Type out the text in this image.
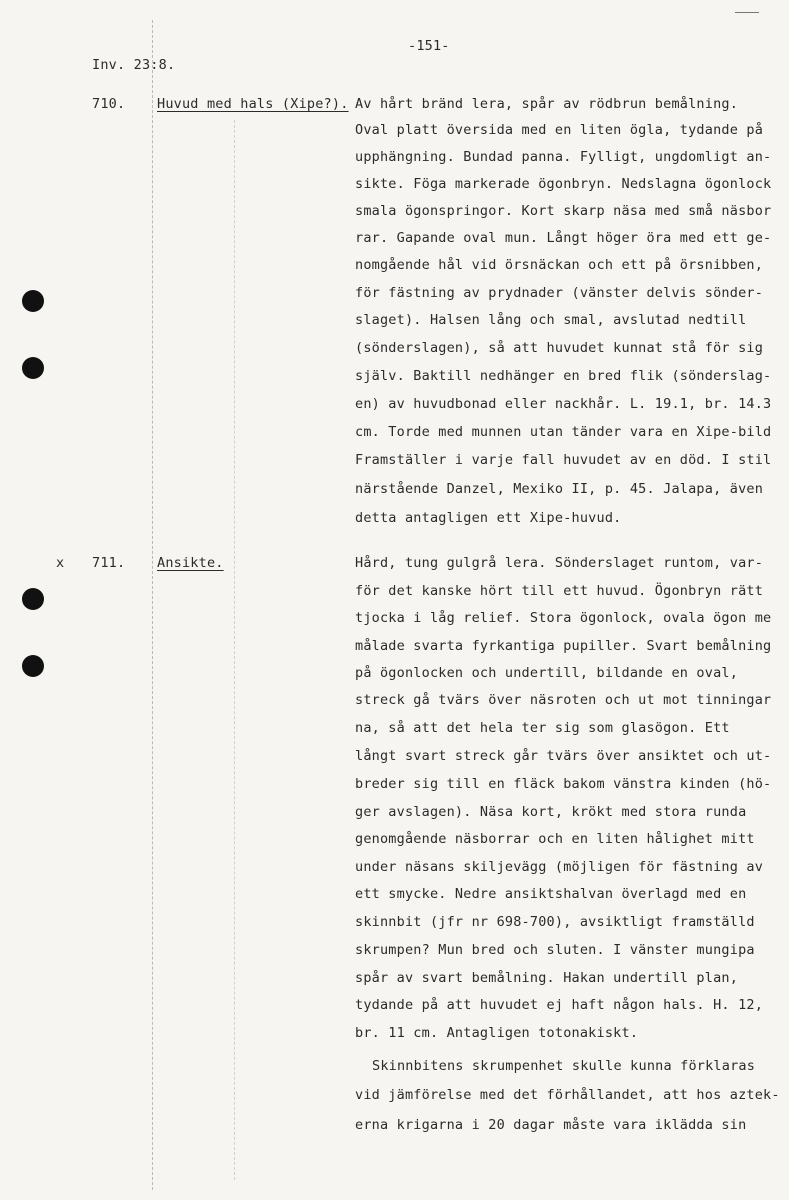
Inv. 23:8.
-151-
710. Huvud med hals (Xipe?). Av hårt bränd lera, spår av rödbrun bemålning.
Oval platt översida med en liten ögla, tydande på
upphängning. Bundad panna. Fylligt, ungdomligt an-
sikte. Föga markerade ögonbryn. Nedslagna ögonlock
smala ögonspringor. Kort skarp näsa med små näsbor
rar. Gapande oval mun. Långt höger öra med ett ge-
nomgående hål vid örsnäckan och ett på örsnibben,
för fästning av prydnader (vänster delvis sönder-
slaget). Halsen lång och smal, avslutad nedtill
(sönderslagen), så att huvudet kunnat stå för sig
själv. Baktill nedhänger en bred flik (sönderslag-
en) av huvudbonad eller nackhår. L. 19.1, br. 14.3
cm. Torde med munnen utan tänder vara en Xipe-bild
Framställer i varje fall huvudet av en död. I stil
närstående Danzel, Mexiko II, p. 45. Jalapa, även
detta antagligen ett Xipe-huvud.
x 711. Ansikte.	Hård, tung gulgrå lera. Sönderslaget runtom, var-
för det kanske hört till ett huvud. Ögonbryn rätt
tjocka i låg relief. Stora ögonlock, ovala ögon me
målade svarta fyrkantiga pupiller. Svart bemålning
på ögonlocken och undertill, bildande en oval,
streck gå tvärs över näsroten och ut mot tinningar
na, så att det hela ter sig som glasögon. Ett
långt svart streck går tvärs över ansiktet och ut-
breder sig till en fläck bakom vänstra kinden (hö-
ger avslagen). Näsa kort, krökt med stora runda
genomgående näsborrar och en liten hålighet mitt
under näsans skiljevägg (möjligen för fästning av
ett smycke. Nedre ansiktshalvan överlagd med en
skinnbit (jfr nr 698-700), avsiktligt framställd
skrumpen? Mun bred och sluten. I vänster mungipa
spår av svart bemålning. Hakan undertill plan,
tydande på att huvudet ej haft någon hals. H. 12,
br. 11 cm. Antagligen totonakiskt.
Skinnbitens skrumpenhet skulle kunna förklaras
vid jämförelse med det förhållandet, att hos aztek-
erna krigarna i 20 dagar måste vara iklädda sin
